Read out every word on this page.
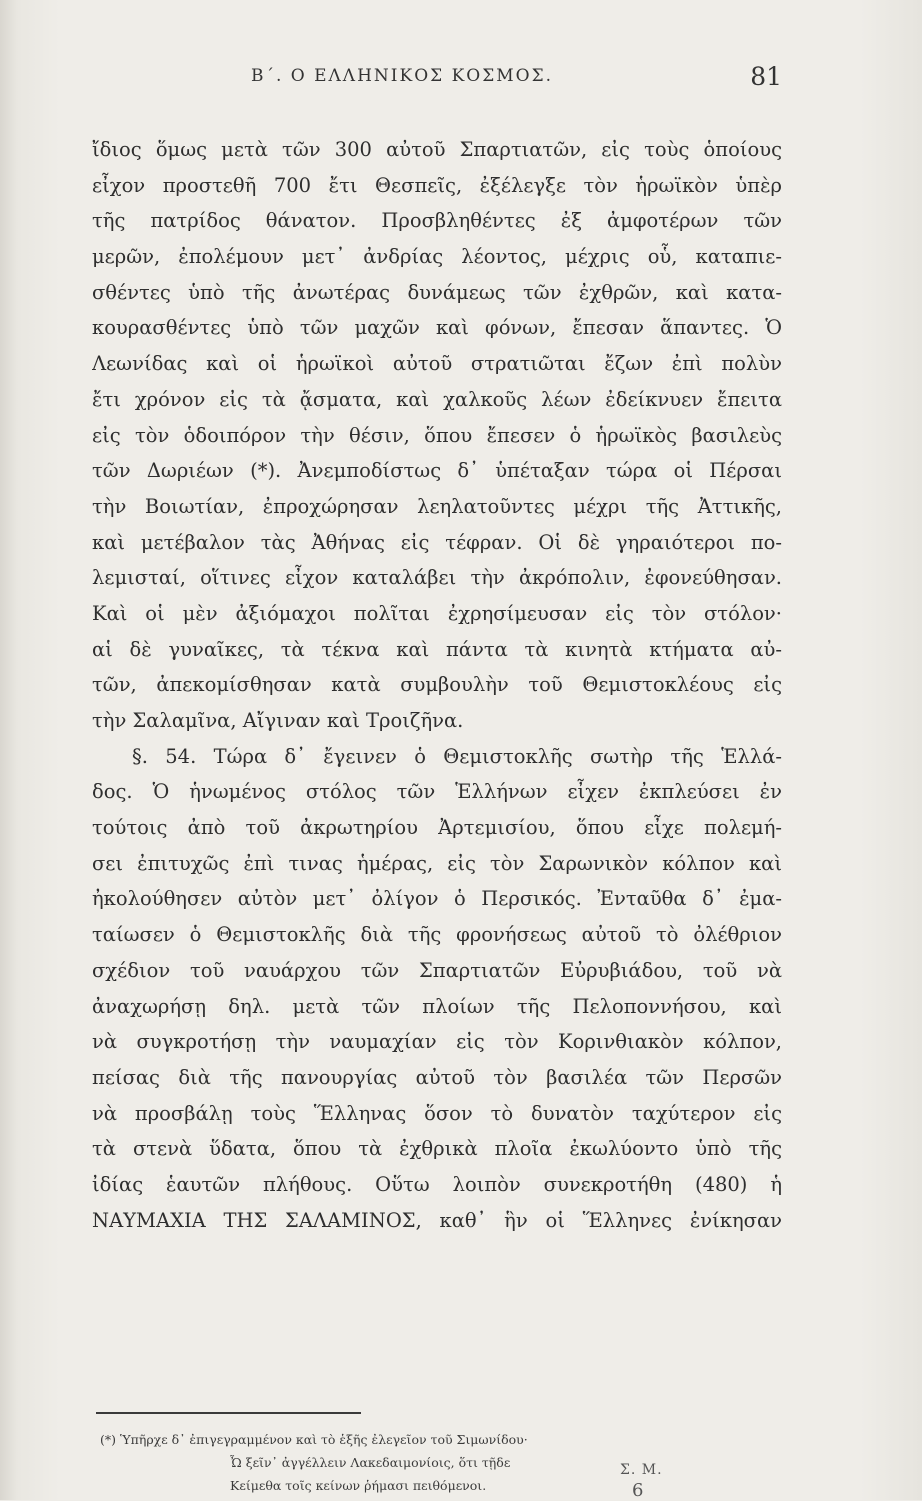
Β΄. Ο ΕΛΛΗΝΙΚΟΣ ΚΟΣΜΟΣ.	81
ἴδιος ὅμως μετὰ τῶν 300 αὐτοῦ Σπαρτιατῶν, εἰς τοὺς ὁποίους
εἶχον προστεθῆ 700 ἔτι Θεσπεῖς, ἐξέλεγξε τὸν ἡρωϊκὸν ὑπὲρ
τῆς πατρίδος θάνατον. Προσβληθέντες ἐξ ἀμφοτέρων τῶν
μερῶν, ἐπολέμουν μετ᾽ ἀνδρίας λέοντος, μέχρις οὗ, καταπιε-
σθέντες ὑπὸ τῆς ἀνωτέρας δυνάμεως τῶν ἐχθρῶν, καὶ κατα-
κουρασθέντες ὑπὸ τῶν μαχῶν καὶ φόνων, ἔπεσαν ἅπαντες. Ὁ
Λεωνίδας καὶ οἱ ἡρωϊκοὶ αὐτοῦ στρατιῶται ἔζων ἐπὶ πολὺν
ἔτι χρόνον εἰς τὰ ᾄσματα, καὶ χαλκοῦς λέων ἐδείκνυεν ἔπειτα
εἰς τὸν ὁδοιπόρον τὴν θέσιν, ὅπου ἔπεσεν ὁ ἡρωϊκὸς βασιλεὺς
τῶν Δωριέων (*). Ἀνεμποδίστως δ᾽ ὑπέταξαν τώρα οἱ Πέρσαι
τὴν Βοιωτίαν, ἐπροχώρησαν λεηλατοῦντες μέχρι τῆς Ἀττικῆς,
καὶ μετέβαλον τὰς Ἀθήνας εἰς τέφραν. Οἱ δὲ γηραιότεροι πο-
λεμισταί, οἵτινες εἶχον καταλάβει τὴν ἀκρόπολιν, ἐφονεύθησαν.
Καὶ οἱ μὲν ἀξιόμαχοι πολῖται ἐχρησίμευσαν εἰς τὸν στόλον·
αἱ δὲ γυναῖκες, τὰ τέκνα καὶ πάντα τὰ κινητὰ κτήματα αὐ-
τῶν, ἀπεκομίσθησαν κατὰ συμβουλὴν τοῦ Θεμιστοκλέους εἰς
τὴν Σαλαμῖνα, Αἴγιναν καὶ Τροιζῆνα.
§. 54. Τώρα δ᾽ ἔγεινεν ὁ Θεμιστοκλῆς σωτὴρ τῆς Ἑλλά-
δος. Ὁ ἡνωμένος στόλος τῶν Ἑλλήνων εἶχεν ἐκπλεύσει ἐν
τούτοις ἀπὸ τοῦ ἀκρωτηρίου Ἀρτεμισίου, ὅπου εἶχε πολεμή-
σει ἐπιτυχῶς ἐπὶ τινας ἡμέρας, εἰς τὸν Σαρωνικὸν κόλπον καὶ
ἠκολούθησεν αὐτὸν μετ᾽ ὀλίγον ὁ Περσικός. Ἐνταῦθα δ᾽ ἐμα-
ταίωσεν ὁ Θεμιστοκλῆς διὰ τῆς φρονήσεως αὐτοῦ τὸ ὀλέθριον
σχέδιον τοῦ ναυάρχου τῶν Σπαρτιατῶν Εὐρυβιάδου, τοῦ νὰ
ἀναχωρήσῃ δηλ. μετὰ τῶν πλοίων τῆς Πελοποννήσου, καὶ
νὰ συγκροτήσῃ τὴν ναυμαχίαν εἰς τὸν Κορινθιακὸν κόλπον,
πείσας διὰ τῆς πανουργίας αὐτοῦ τὸν βασιλέα τῶν Περσῶν
νὰ προσβάλῃ τοὺς Ἕλληνας ὅσον τὸ δυνατὸν ταχύτερον εἰς
τὰ στενὰ ὕδατα, ὅπου τὰ ἐχθρικὰ πλοῖα ἐκωλύοντο ὑπὸ τῆς
ἰδίας ἑαυτῶν πλήθους. Οὕτω λοιπὸν συνεκροτήθη (480) ἡ
ΝΑΥΜΑΧΙΑ ΤΗΣ ΣΑΛΑΜΙΝΟΣ, καθ᾽ ἣν οἱ Ἕλληνες ἐνίκησαν
(*) Ὑπῆρχε δ᾽ ἐπιγεγραμμένον καὶ τὸ ἑξῆς ἐλεγεῖον τοῦ Σιμωνίδου·
Ὦ ξεῖν᾽ ἀγγέλλειν Λακεδαιμονίοις, ὅτι τῇδε
Κείμεθα τοῖς κείνων ῥήμασι πειθόμενοι.
Σ. Μ.
6
